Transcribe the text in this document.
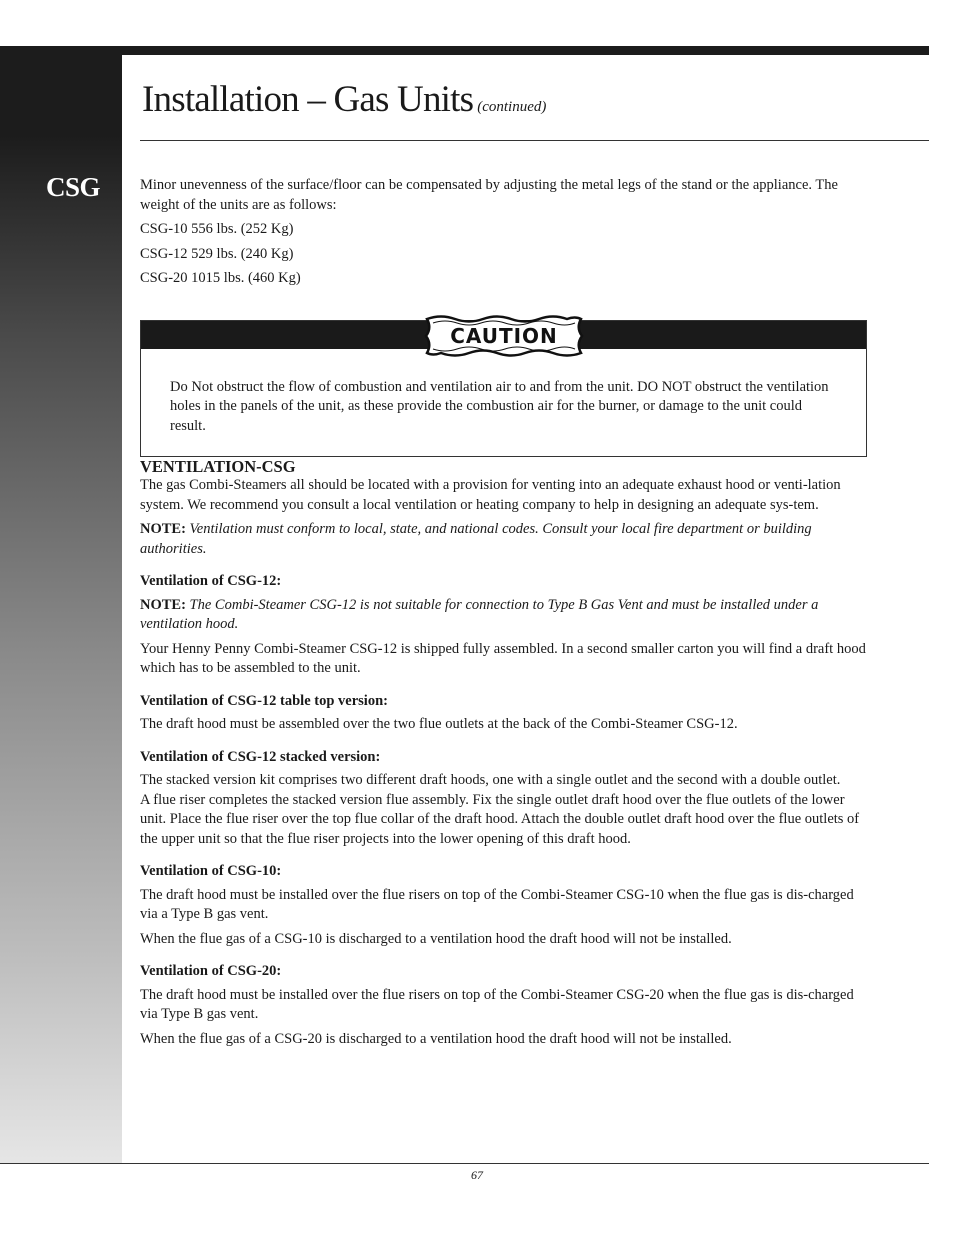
CSG
Installation – Gas Units (continued)

Minor unevenness of the surface/floor can be compensated by adjusting the metal legs of the stand or the appliance. The weight of the units are as follows:

CSG-10 556 lbs. (252 Kg)
CSG-12 529 lbs. (240 Kg)
CSG-20 1015 lbs. (460 Kg)
CAUTION

Do Not obstruct the flow of combustion and ventilation air to and from the unit. DO NOT obstruct the ventilation holes in the panels of the unit, as these provide the combustion air for the burner, or damage to the unit could result.

VENTILATION-CSG

The gas Combi-Steamers all should be located with a provision for venting into an adequate exhaust hood or venti-lation system. We recommend you consult a local ventilation or heating company to help in designing an adequate sys-tem.

NOTE: Ventilation must conform to local, state, and national codes. Consult your local fire department or building authorities.

Ventilation of CSG-12:

NOTE: The Combi-Steamer CSG-12 is not suitable for connection to Type B Gas Vent and must be installed under a ventilation hood.

Your Henny Penny Combi-Steamer CSG-12 is shipped fully assembled. In a second smaller carton you will find a draft hood which has to be assembled to the unit.

Ventilation of CSG-12 table top version:

The draft hood must be assembled over the two flue outlets at the back of the Combi-Steamer CSG-12.

Ventilation of CSG-12 stacked version:

The stacked version kit comprises two different draft hoods, one with a single outlet and the second with a double outlet.

A flue riser completes the stacked version flue assembly. Fix the single outlet draft hood over the flue outlets of the lower unit. Place the flue riser over the top flue collar of the draft hood. Attach the double outlet draft hood over the flue outlets of the upper unit so that the flue riser projects into the lower opening of this draft hood.

Ventilation of CSG-10:

The draft hood must be installed over the flue risers on top of the Combi-Steamer CSG-10 when the flue gas is dis-charged via a Type B gas vent.

When the flue gas of a CSG-10 is discharged to a ventilation hood the draft hood will not be installed.

Ventilation of CSG-20:

The draft hood must be installed over the flue risers on top of the Combi-Steamer CSG-20 when the flue gas is dis-charged via Type B gas vent.

When the flue gas of a CSG-20 is discharged to a ventilation hood the draft hood will not be installed.

67
